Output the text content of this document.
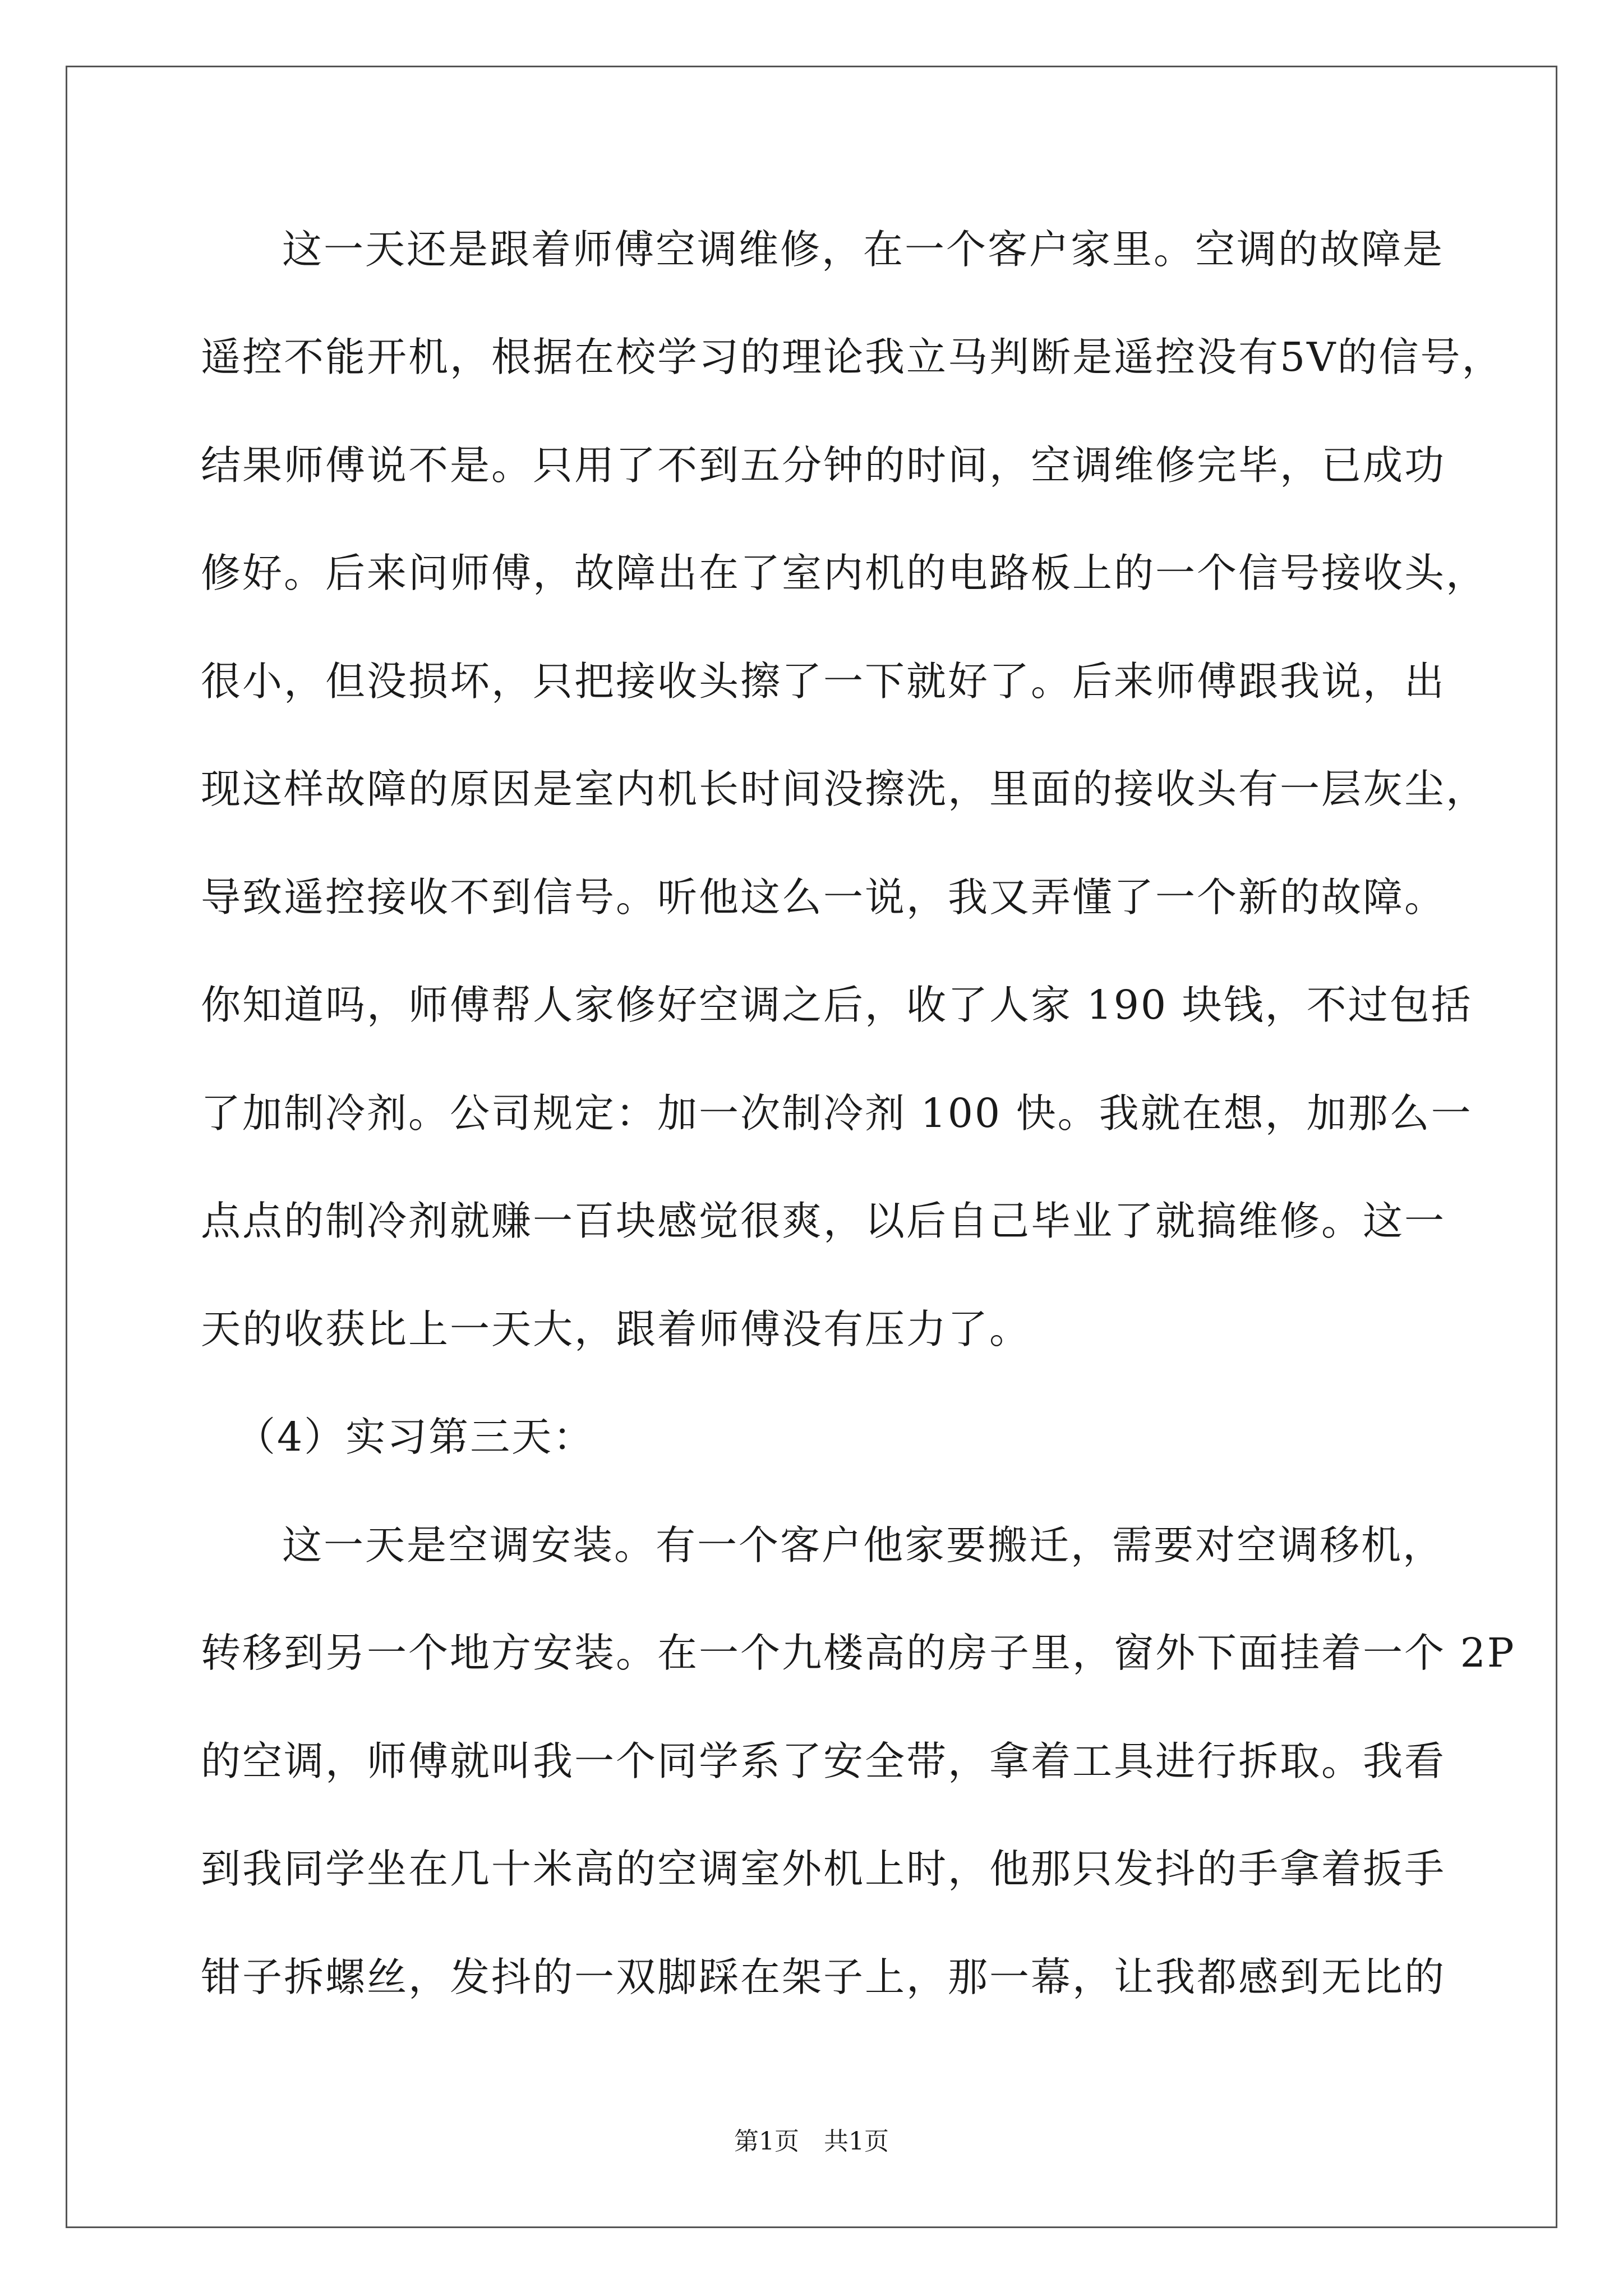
这一天还是跟着师傅空调维修，在一个客户家里。空调的故障是
遥控不能开机，根据在校学习的理论我立马判断是遥控没有5V的信号，
结果师傅说不是。只用了不到五分钟的时间，空调维修完毕，已成功
修好。后来问师傅，故障出在了室内机的电路板上的一个信号接收头，
很小，但没损坏，只把接收头擦了一下就好了。后来师傅跟我说，出
现这样故障的原因是室内机长时间没擦洗，里面的接收头有一层灰尘，
导致遥控接收不到信号。听他这么一说，我又弄懂了一个新的故障。
你知道吗，师傅帮人家修好空调之后，收了人家 190 块钱，不过包括
了加制冷剂。公司规定：加一次制冷剂 100 快。我就在想，加那么一
点点的制冷剂就赚一百块感觉很爽，以后自己毕业了就搞维修。这一
天的收获比上一天大，跟着师傅没有压力了。
（4）实习第三天：
这一天是空调安装。有一个客户他家要搬迁，需要对空调移机，
转移到另一个地方安装。在一个九楼高的房子里，窗外下面挂着一个 2P
的空调，师傅就叫我一个同学系了安全带，拿着工具进行拆取。我看
到我同学坐在几十米高的空调室外机上时，他那只发抖的手拿着扳手
钳子拆螺丝，发抖的一双脚踩在架子上，那一幕，让我都感到无比的
第1页　共1页
